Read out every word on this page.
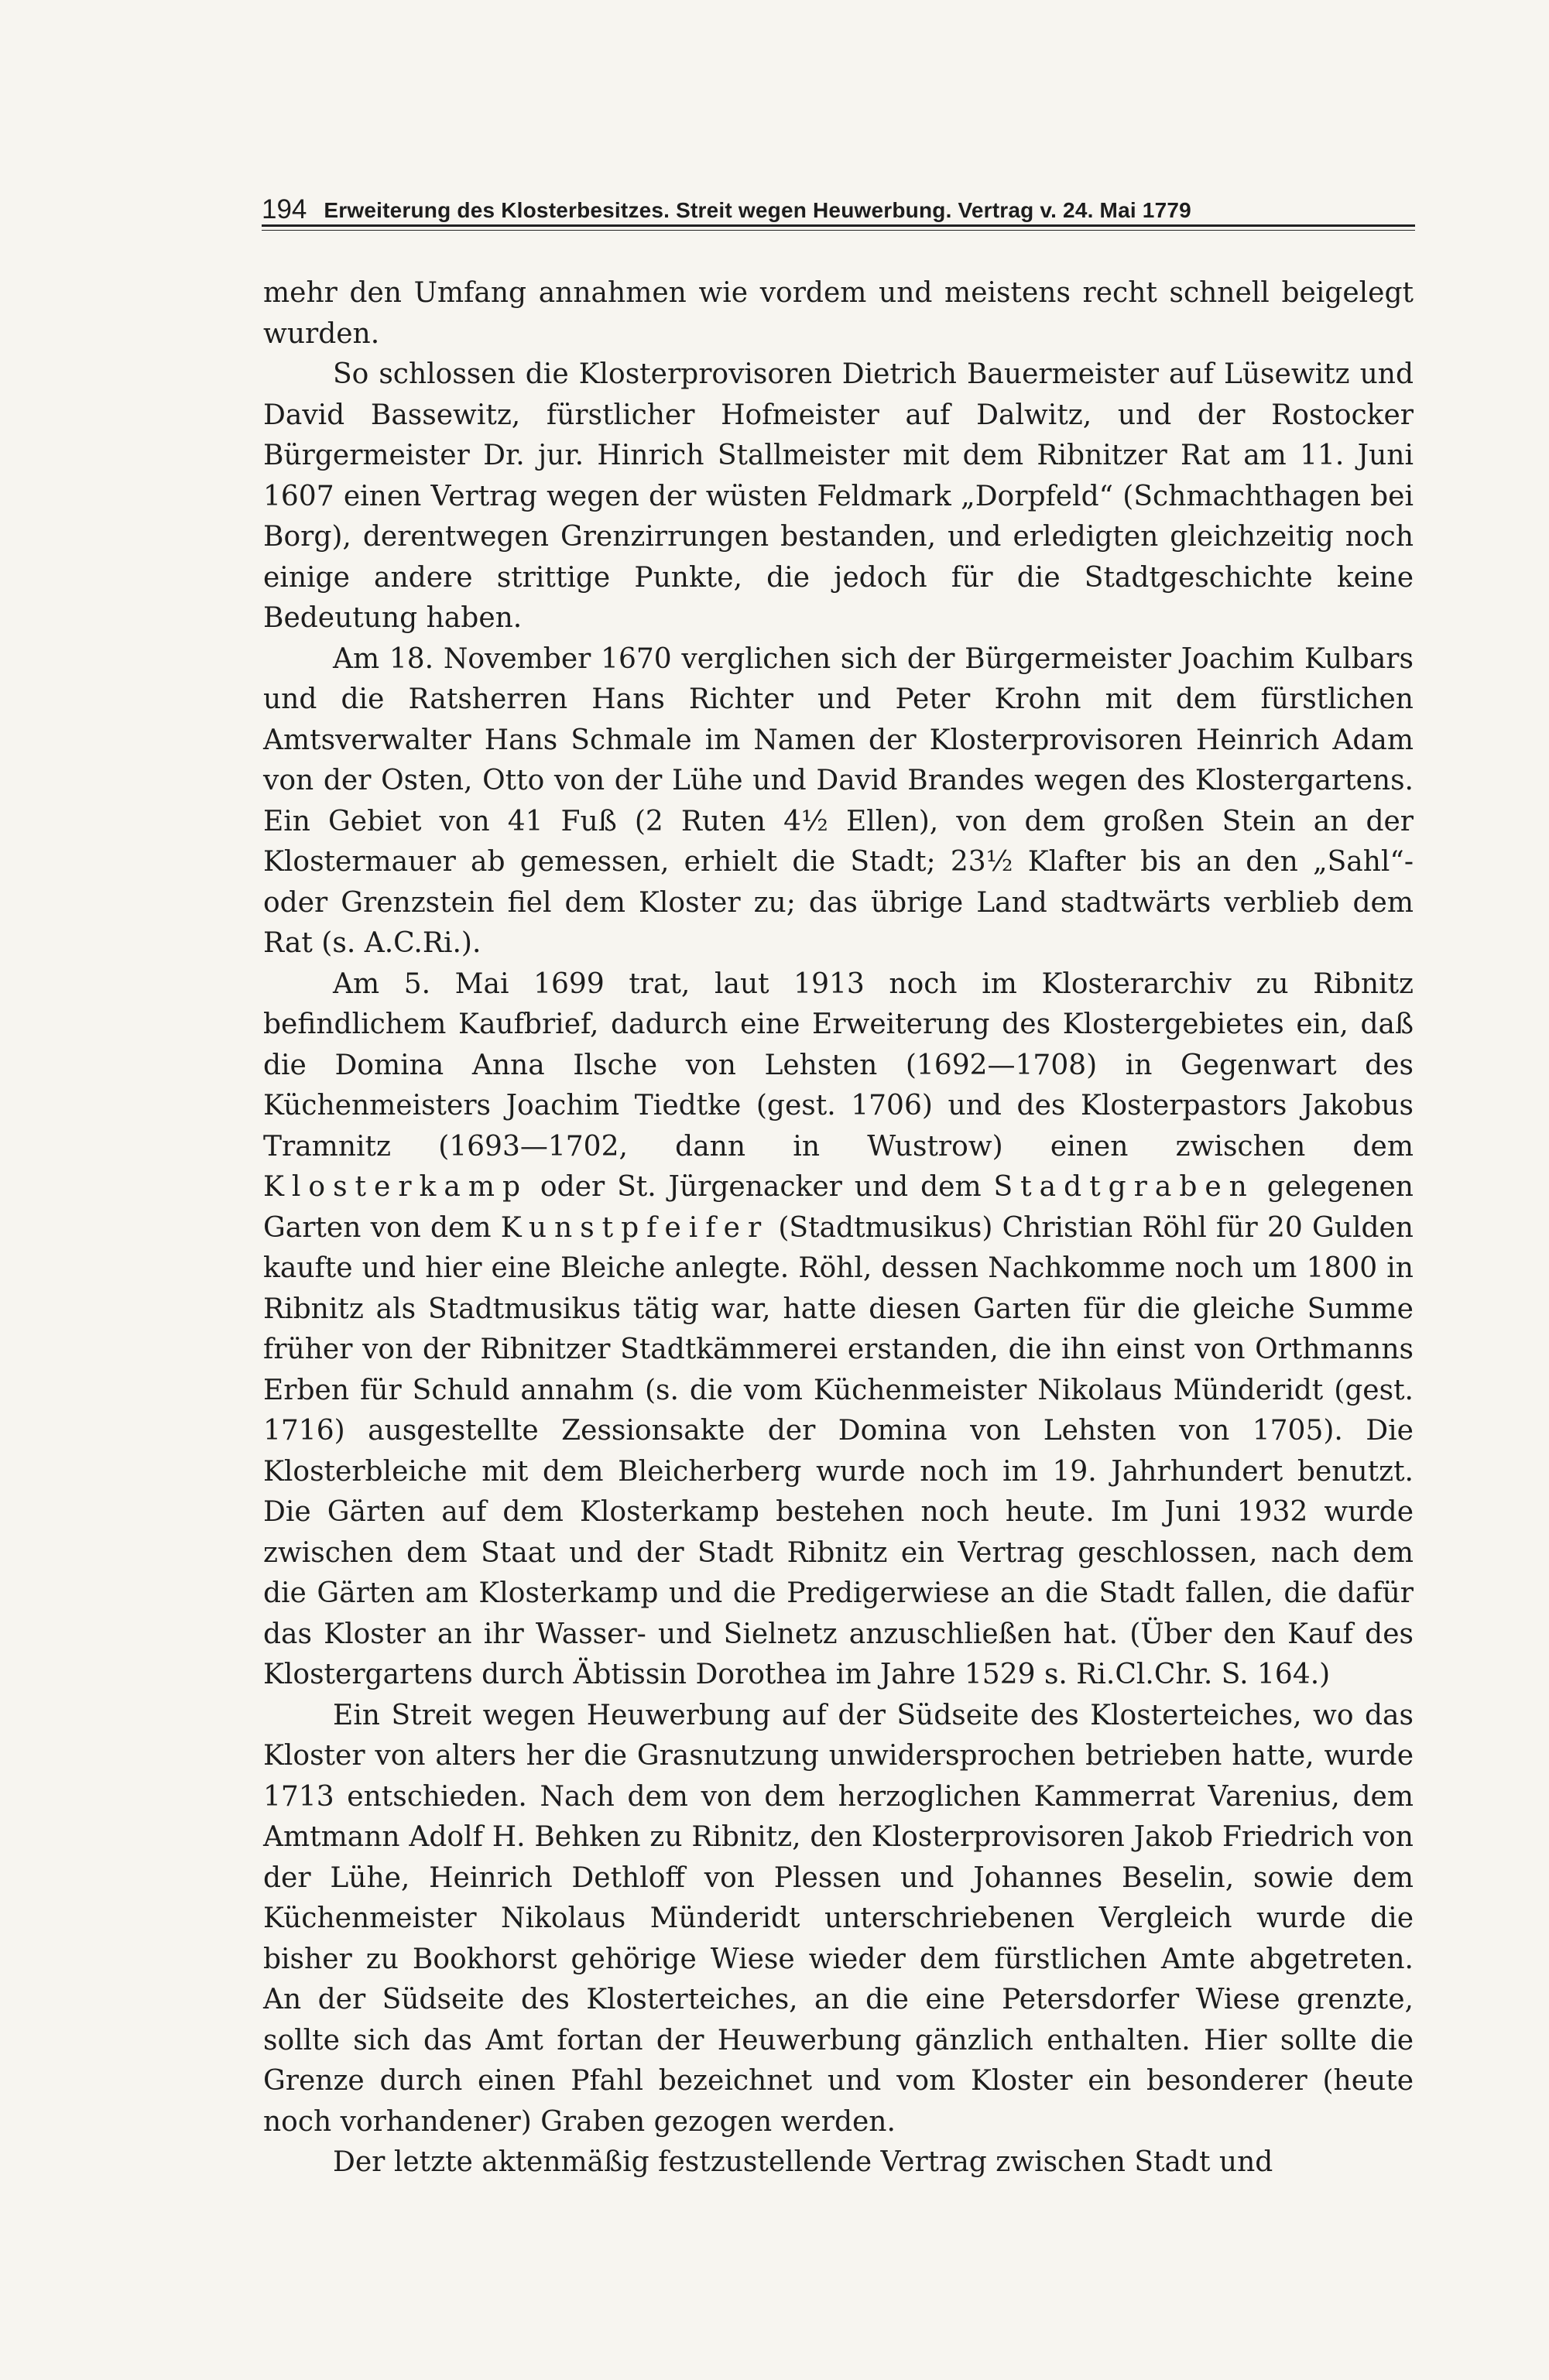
194 Erweiterung des Klosterbesitzes. Streit wegen Heuwerbung. Vertrag v. 24. Mai 1779

mehr den Umfang annahmen wie vordem und meistens recht schnell beigelegt wurden.

So schlossen die Klosterprovisoren Dietrich Bauermeister auf Lüsewitz und David Bassewitz, fürstlicher Hofmeister auf Dalwitz, und der Rostocker Bürgermeister Dr. jur. Hinrich Stallmeister mit dem Ribnitzer Rat am 11. Juni 1607 einen Vertrag wegen der wüsten Feldmark „Dorpfeld“ (Schmachthagen bei Borg), derentwegen Grenzirrungen bestanden, und erledigten gleichzeitig noch einige andere strittige Punkte, die jedoch für die Stadtgeschichte keine Bedeutung haben.

Am 18. November 1670 verglichen sich der Bürgermeister Joachim Kulbars und die Ratsherren Hans Richter und Peter Krohn mit dem fürstlichen Amtsverwalter Hans Schmale im Namen der Klosterprovisoren Heinrich Adam von der Osten, Otto von der Lühe und David Brandes wegen des Klostergartens. Ein Gebiet von 41 Fuß (2 Ruten 4½ Ellen), von dem großen Stein an der Klostermauer ab gemessen, erhielt die Stadt; 23½ Klafter bis an den „Sahl“- oder Grenzstein fiel dem Kloster zu; das übrige Land stadtwärts verblieb dem Rat (s. A.C.Ri.).

Am 5. Mai 1699 trat, laut 1913 noch im Klosterarchiv zu Ribnitz befindlichem Kaufbrief, dadurch eine Erweiterung des Klostergebietes ein, daß die Domina Anna Ilsche von Lehsten (1692—1708) in Gegenwart des Küchenmeisters Joachim Tiedtke (gest. 1706) und des Klosterpastors Jakobus Tramnitz (1693—1702, dann in Wustrow) einen zwischen dem Klosterkamp oder St. Jürgenacker und dem Stadtgraben gelegenen Garten von dem Kunstpfeifer (Stadtmusikus) Christian Röhl für 20 Gulden kaufte und hier eine Bleiche anlegte. Röhl, dessen Nachkomme noch um 1800 in Ribnitz als Stadtmusikus tätig war, hatte diesen Garten für die gleiche Summe früher von der Ribnitzer Stadtkämmerei erstanden, die ihn einst von Orthmanns Erben für Schuld annahm (s. die vom Küchenmeister Nikolaus Münderidt (gest. 1716) ausgestellte Zessionsakte der Domina von Lehsten von 1705). Die Klosterbleiche mit dem Bleicherberg wurde noch im 19. Jahrhundert benutzt. Die Gärten auf dem Klosterkamp bestehen noch heute. Im Juni 1932 wurde zwischen dem Staat und der Stadt Ribnitz ein Vertrag geschlossen, nach dem die Gärten am Klosterkamp und die Predigerwiese an die Stadt fallen, die dafür das Kloster an ihr Wasser- und Sielnetz anzuschließen hat. (Über den Kauf des Klostergartens durch Äbtissin Dorothea im Jahre 1529 s. Ri.Cl.Chr. S. 164.)

Ein Streit wegen Heuwerbung auf der Südseite des Klosterteiches, wo das Kloster von alters her die Grasnutzung unwidersprochen betrieben hatte, wurde 1713 entschieden. Nach dem von dem herzoglichen Kammerrat Varenius, dem Amtmann Adolf H. Behken zu Ribnitz, den Klosterprovisoren Jakob Friedrich von der Lühe, Heinrich Dethloff von Plessen und Johannes Beselin, sowie dem Küchenmeister Nikolaus Münderidt unterschriebenen Vergleich wurde die bisher zu Bookhorst gehörige Wiese wieder dem fürstlichen Amte abgetreten. An der Südseite des Klosterteiches, an die eine Petersdorfer Wiese grenzte, sollte sich das Amt fortan der Heuwerbung gänzlich enthalten. Hier sollte die Grenze durch einen Pfahl bezeichnet und vom Kloster ein besonderer (heute noch vorhandener) Graben gezogen werden.

Der letzte aktenmäßig festzustellende Vertrag zwischen Stadt und
